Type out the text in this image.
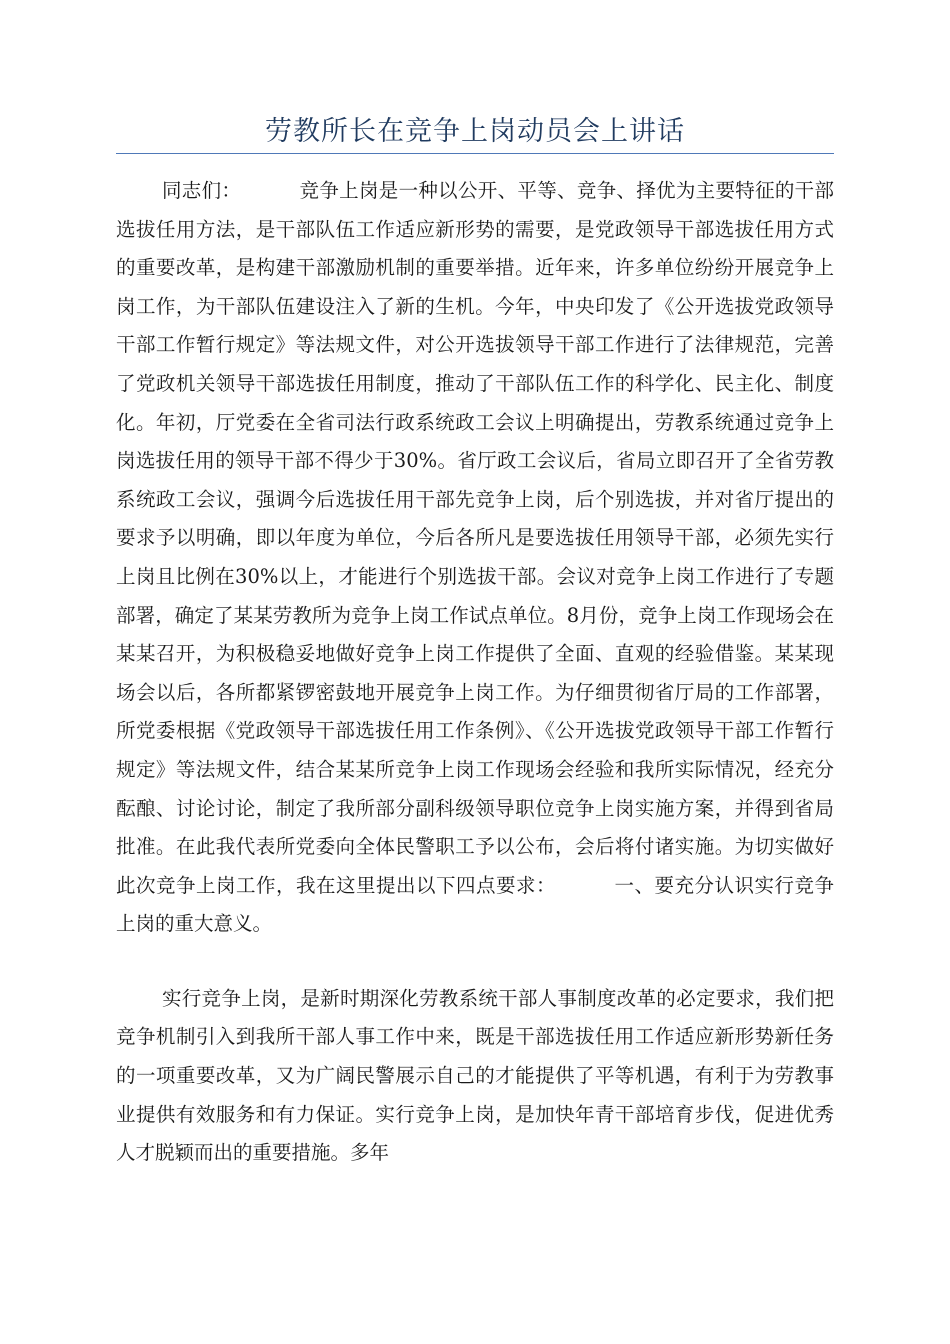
劳教所长在竞争上岗动员会上讲话

同志们：	竞争上岗是一种以公开、平等、竞争、择优为主要特征的干部选拔任用方法，是干部队伍工作适应新形势的需要，是党政领导干部选拔任用方式的重要改革，是构建干部激励机制的重要举措。近年来，许多单位纷纷开展竞争上岗工作，为干部队伍建设注入了新的生机。今年，中央印发了《公开选拔党政领导干部工作暂行规定》等法规文件，对公开选拔领导干部工作进行了法律规范，完善了党政机关领导干部选拔任用制度，推动了干部队伍工作的科学化、民主化、制度化。年初，厅党委在全省司法行政系统政工会议上明确提出，劳教系统通过竞争上岗选拔任用的领导干部不得少于30%。省厅政工会议后，省局立即召开了全省劳教系统政工会议，强调今后选拔任用干部先竞争上岗，后个别选拔，并对省厅提出的要求予以明确，即以年度为单位，今后各所凡是要选拔任用领导干部，必须先实行上岗且比例在30%以上，才能进行个别选拔干部。会议对竞争上岗工作进行了专题部署，确定了某某劳教所为竞争上岗工作试点单位。8月份，竞争上岗工作现场会在某某召开，为积极稳妥地做好竞争上岗工作提供了全面、直观的经验借鉴。某某现场会以后，各所都紧锣密鼓地开展竞争上岗工作。为仔细贯彻省厅局的工作部署，所党委根据《党政领导干部选拔任用工作条例》、《公开选拔党政领导干部工作暂行规定》等法规文件，结合某某所竞争上岗工作现场会经验和我所实际情况，经充分酝酿、讨论讨论，制定了我所部分副科级领导职位竞争上岗实施方案，并得到省局批准。在此我代表所党委向全体民警职工予以公布，会后将付诸实施。为切实做好此次竞争上岗工作，我在这里提出以下四点要求：	一、要充分认识实行竞争上岗的重大意义。

实行竞争上岗，是新时期深化劳教系统干部人事制度改革的必定要求，我们把竞争机制引入到我所干部人事工作中来，既是干部选拔任用工作适应新形势新任务的一项重要改革，又为广阔民警展示自己的才能提供了平等机遇，有利于为劳教事业提供有效服务和有力保证。实行竞争上岗，是加快年青干部培育步伐，促进优秀人才脱颖而出的重要措施。多年
